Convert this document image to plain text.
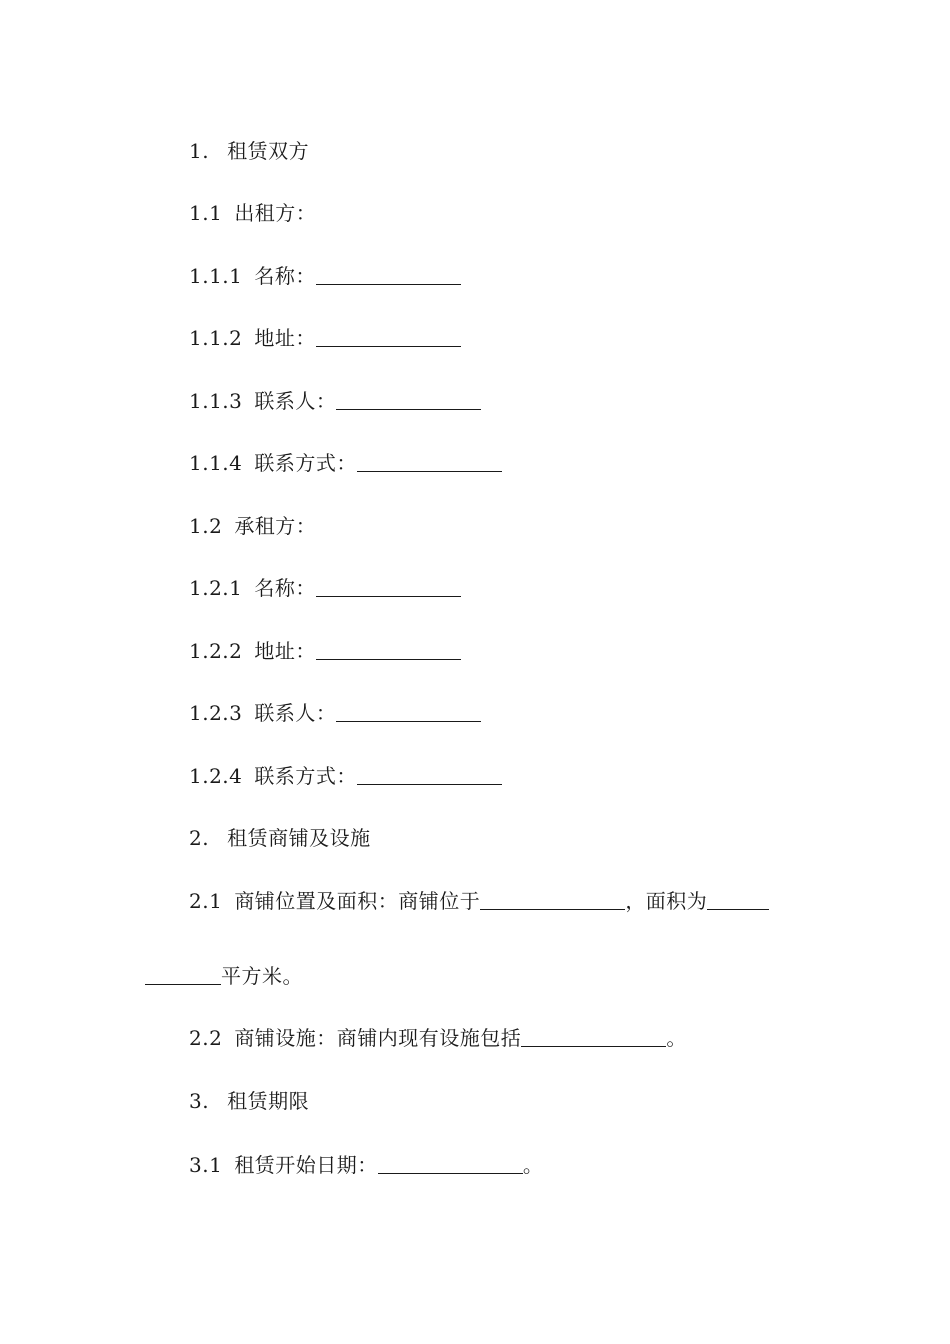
1. 租赁双方
1.1 出租方：
1.1.1 名称：
1.1.2 地址：
1.1.3 联系人：
1.1.4 联系方式：
1.2 承租方：
1.2.1 名称：
1.2.2 地址：
1.2.3 联系人：
1.2.4 联系方式：
2. 租赁商铺及设施
2.1 商铺位置及面积：商铺位于	，面积为
平方米。
2.2 商铺设施：商铺内现有设施包括	。
3. 租赁期限
3.1 租赁开始日期：	。
